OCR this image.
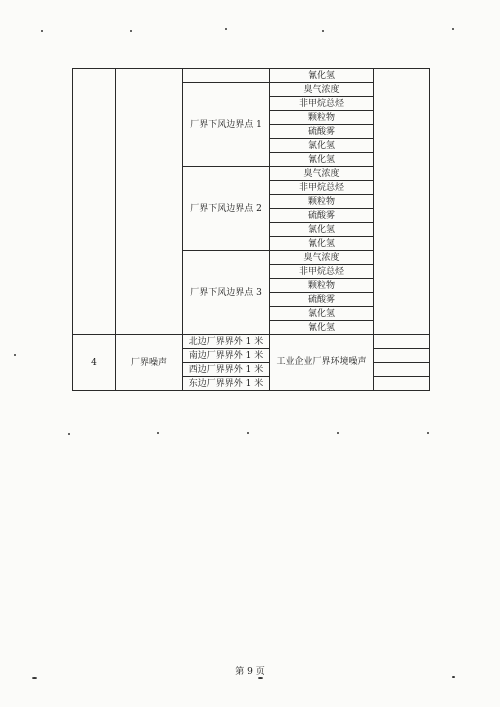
			氰化氢	
		厂界下风边界点 1	臭气浓度	
			非甲烷总烃	
			颗粒物	
			硫酸雾	
			氯化氢	
			氰化氢	
		厂界下风边界点 2	臭气浓度	
			非甲烷总烃	
			颗粒物	
			硫酸雾	
			氯化氢	
			氰化氢	
		厂界下风边界点 3	臭气浓度	
			非甲烷总烃	
			颗粒物	
			硫酸雾	
			氯化氢	
			氰化氢	
4	厂界噪声	北边厂界界外 1 米	工业企业厂界环境噪声	
		南边厂界界外 1 米		
		西边厂界界外 1 米		
		东边厂界界外 1 米		
第 9 页
